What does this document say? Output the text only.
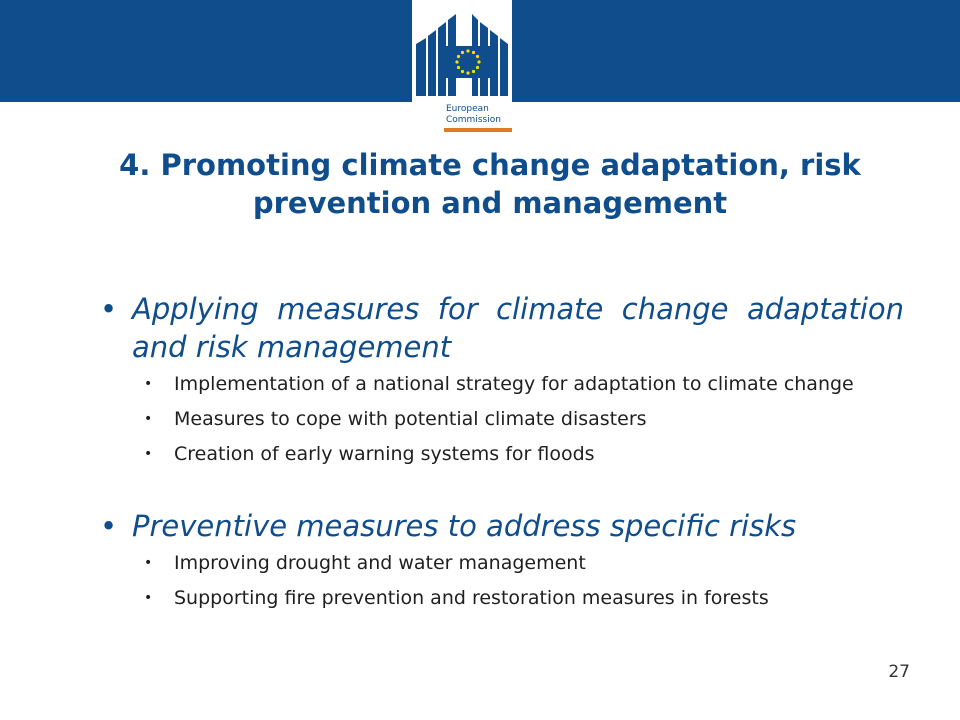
European
Commission
4. Promoting climate change adaptation, risk
prevention and management
• Applying measures for climate change adaptation and risk management
• Implementation of a national strategy for adaptation to climate change
• Measures to cope with potential climate disasters
• Creation of early warning systems for floods
• Preventive measures to address specific risks
• Improving drought and water management
• Supporting fire prevention and restoration measures in forests
27
